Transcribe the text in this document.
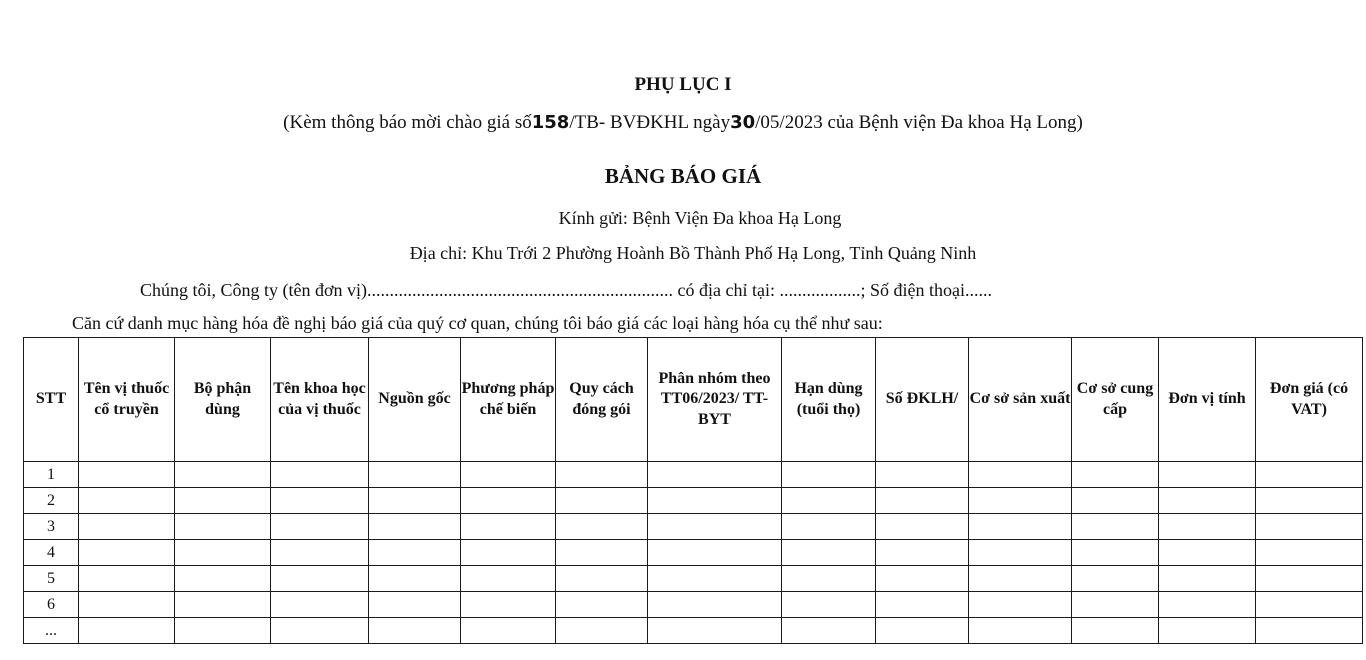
PHỤ LỤC I
(Kèm thông báo mời chào giá số158/TB- BVĐKHL ngày30/05/2023 của Bệnh viện Đa khoa Hạ Long)
BẢNG BÁO GIÁ
Kính gửi: Bệnh Viện Đa khoa Hạ Long
Địa chỉ: Khu Trới 2 Phường Hoành Bồ Thành Phố Hạ Long, Tỉnh Quảng Ninh
Chúng tôi, Công ty (tên đơn vị).................................................................... có địa chỉ tại: ..................; Số điện thoại......
Căn cứ danh mục hàng hóa đề nghị báo giá của quý cơ quan, chúng tôi báo giá các loại hàng hóa cụ thể như sau:
STT	Tên vị thuốc cổ truyền	Bộ phận dùng	Tên khoa học của vị thuốc	Nguồn gốc	Phương pháp chế biến	Quy cách đóng gói	Phân nhóm theo TT06/2023/ TT-BYT	Hạn dùng (tuổi thọ)	Số ĐKLH/	Cơ sở sản xuất	Cơ sở cung cấp	Đơn vị tính	Đơn giá (có VAT)
1													
2													
3													
4													
5													
6													
...													
